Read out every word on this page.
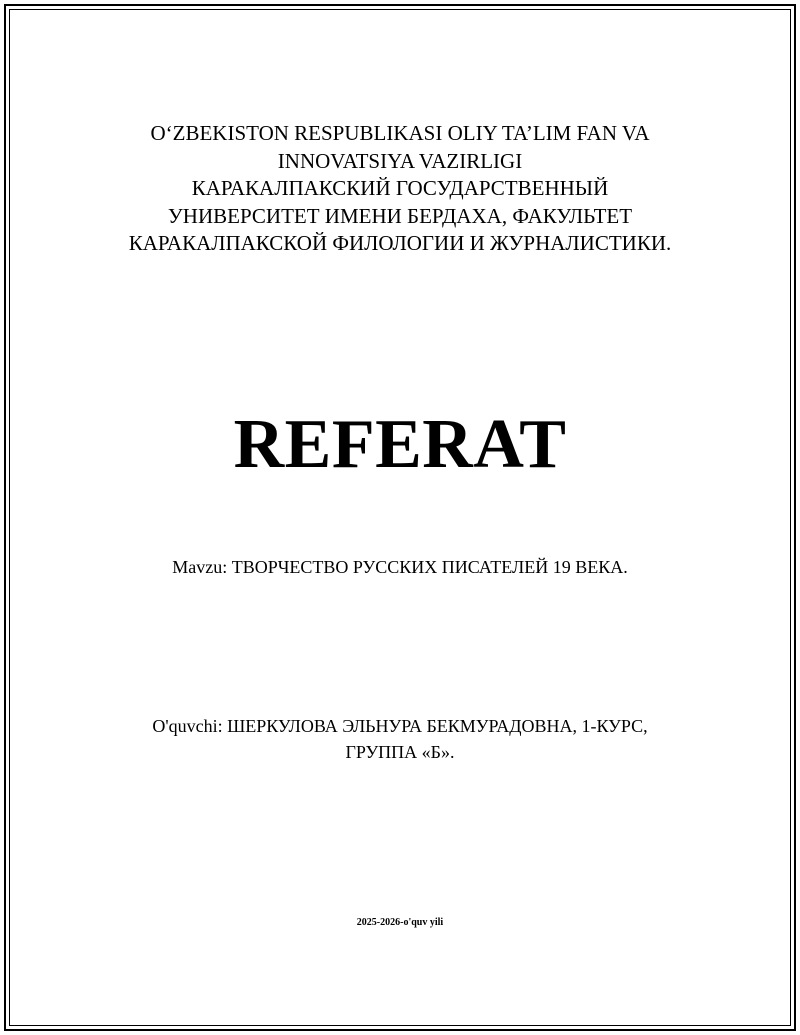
O‘ZBEKISTON RESPUBLIKASI OLIY TA’LIM FAN VA
INNOVATSIYA VAZIRLIGI
КАРАКАЛПАКСКИЙ ГОСУДАРСТВЕННЫЙ
УНИВЕРСИТЕТ ИМЕНИ БЕРДАХА, ФАКУЛЬТЕТ
КАРАКАЛПАКСКОЙ ФИЛОЛОГИИ И ЖУРНАЛИСТИКИ.
REFERAT
Mavzu: ТВОРЧЕСТВО РУССКИХ ПИСАТЕЛЕЙ 19 ВЕКА.
O'quvchi: ШЕРКУЛОВА ЭЛЬНУРА БЕКМУРАДОВНА, 1-КУРС,
ГРУППА «Б».
2025-2026-o'quv yili
